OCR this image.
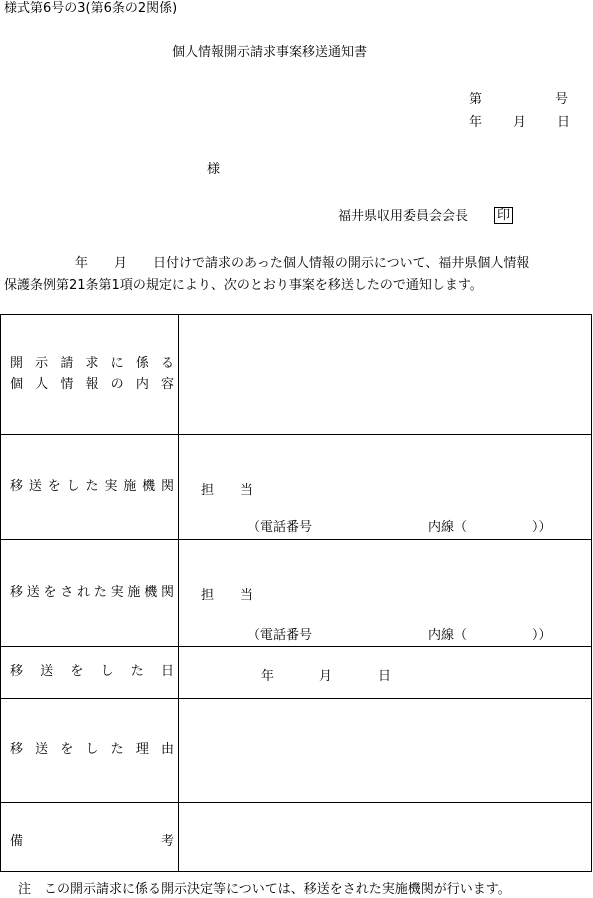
様式第6号の3(第6条の2関係)
個人情報開示請求事案移送通知書
第	号
年 月 日
様
福井県収用委員会会長 印
年　　月　　日付けで請求のあった個人情報の開示について、福井県個人情報
保護条例第21条第1項の規定により、次のとおり事案を移送したので通知します。
開示請求に係る
個人情報の内容	

移送をした実施機関	担　　当
（電話番号 内線（　　　　　））

移送をされた実施機関	担　　当
（電話番号 内線（　　　　　））

移送をした日	年 月 日

移送をした理由	

備 考	

注　この開示請求に係る開示決定等については、移送をされた実施機関が行います。
